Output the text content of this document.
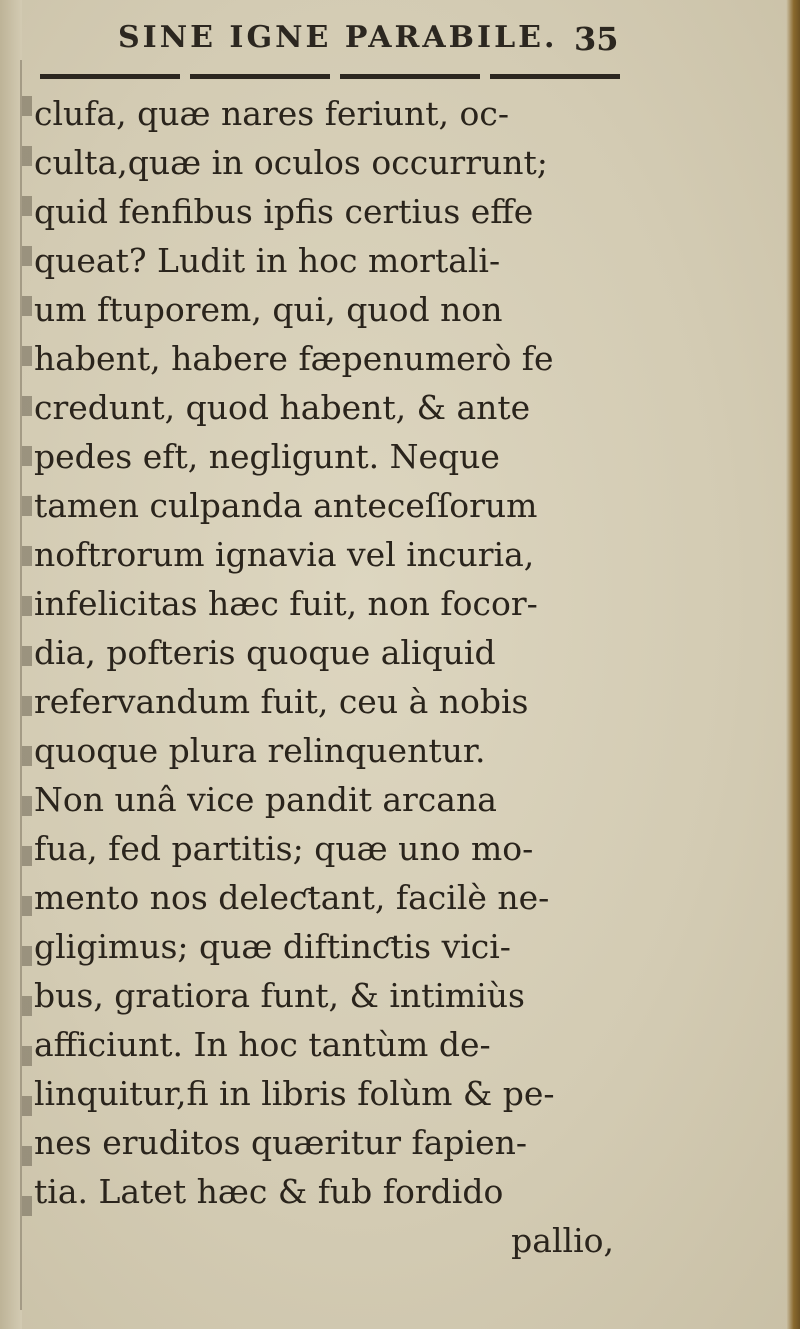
SINE IGNE PARABILE. 35
clufa, quæ nares feriunt, oc-
culta,quæ in oculos occurrunt;
quid fenfibus ipfis certius effe
queat? Ludit in hoc mortali-
um ftuporem, qui, quod non
habent, habere fæpenumerò fe
credunt, quod habent, & ante
pedes eft, negligunt. Neque
tamen culpanda anteceſſorum
noftrorum ignavia vel incuria,
infelicitas hæc fuit, non focor-
dia, pofteris quoque aliquid
refervandum fuit, ceu à nobis
quoque plura relinquentur.
Non unâ vice pandit arcana
fua, fed partitis; quæ uno mo-
mento nos deleƈtant, facilè ne-
gligimus; quæ diftinƈtis vici-
bus, gratiora funt, & intimiùs
afficiunt. In hoc tantùm de-
linquitur,fi in libris folùm & pe-
nes eruditos quæritur fapien-
tia. Latet hæc & fub fordido
pallio,
